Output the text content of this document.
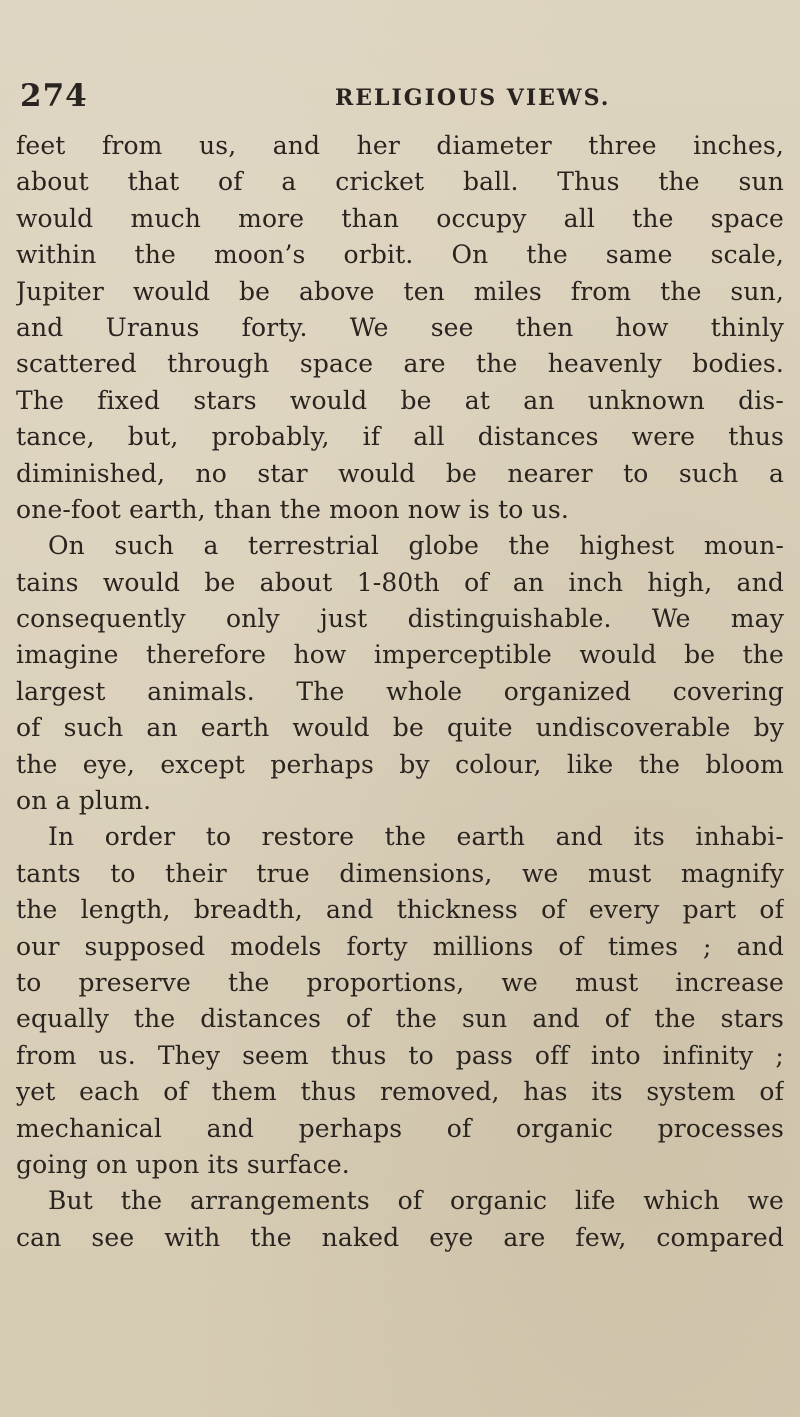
274	RELIGIOUS VIEWS.
feet from us, and her diameter three inches,
about that of a cricket ball. Thus the sun
would much more than occupy all the space
within the moon’s orbit. On the same scale,
Jupiter would be above ten miles from the sun,
and Uranus forty. We see then how thinly
scattered through space are the heavenly bodies.
The fixed stars would be at an unknown dis-
tance, but, probably, if all distances were thus
diminished, no star would be nearer to such a
one-foot earth, than the moon now is to us.
On such a terrestrial globe the highest moun-
tains would be about 1-80th of an inch high, and
consequently only just distinguishable. We may
imagine therefore how imperceptible would be the
largest animals. The whole organized covering
of such an earth would be quite undiscoverable by
the eye, except perhaps by colour, like the bloom
on a plum.
In order to restore the earth and its inhabi-
tants to their true dimensions, we must magnify
the length, breadth, and thickness of every part of
our supposed models forty millions of times ; and
to preserve the proportions, we must increase
equally the distances of the sun and of the stars
from us. They seem thus to pass off into infinity ;
yet each of them thus removed, has its system of
mechanical and perhaps of organic processes
going on upon its surface.
But the arrangements of organic life which we
can see with the naked eye are few, compared
